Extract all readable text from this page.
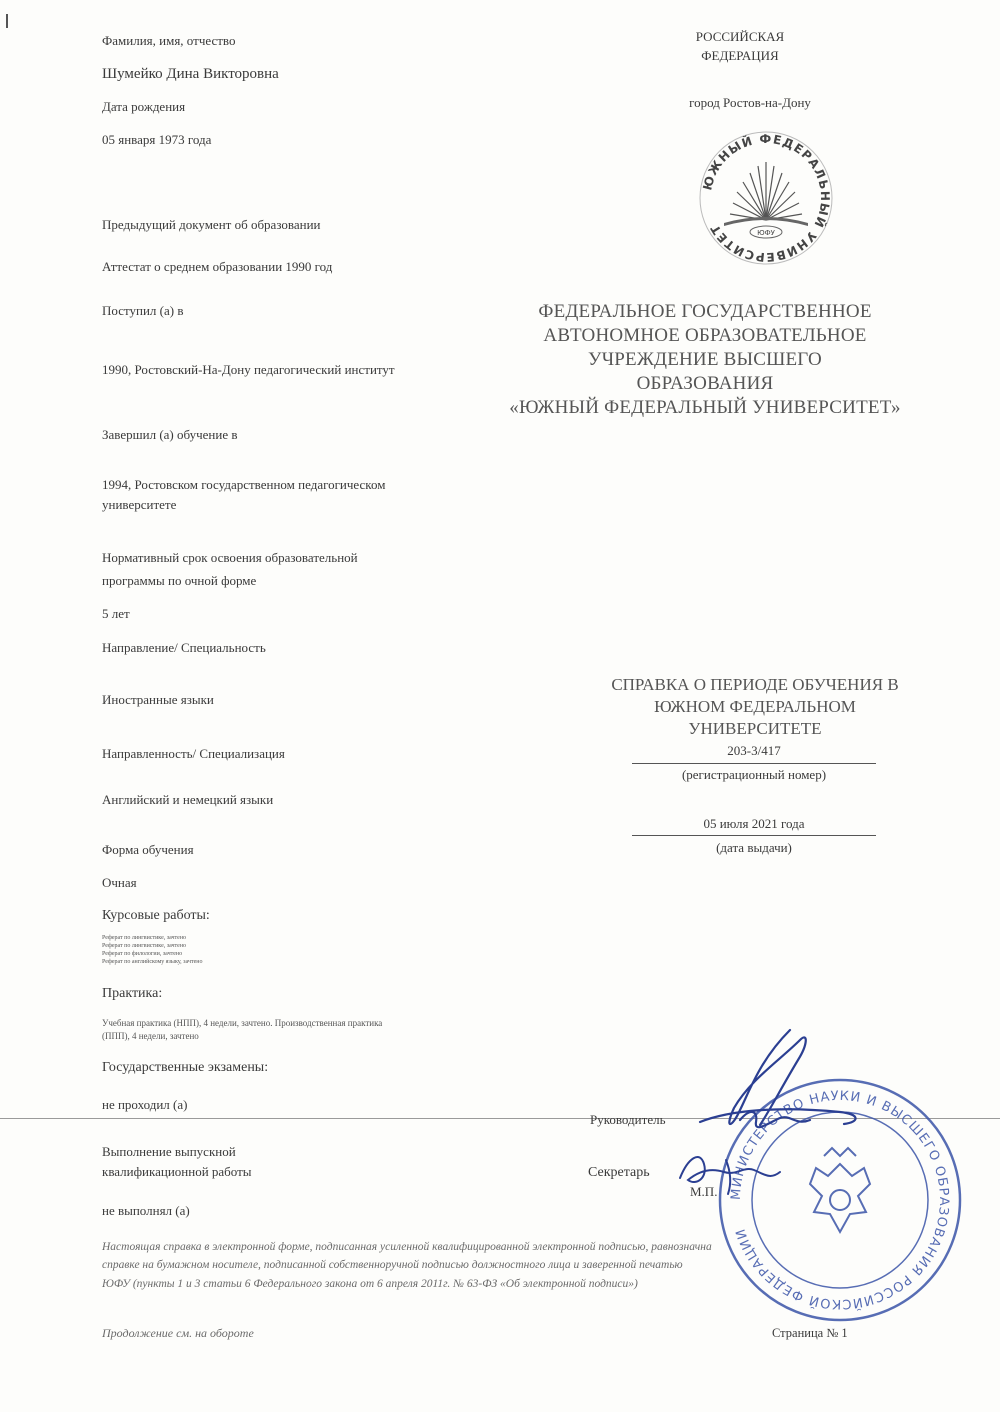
Фамилия, имя, отчество
Шумейко Дина Викторовна
Дата рождения
05 января 1973 года
Предыдущий документ об образовании
Аттестат о среднем образовании 1990 год
Поступил (а) в
1990, Ростовский-На-Дону педагогический институт
Завершил (а) обучение в
1994, Ростовском государственном педагогическом
университете
Нормативный срок освоения образовательной
программы по очной форме
5 лет
Направление/ Специальность
Иностранные языки
Направленность/ Специализация
Английский и немецкий языки
Форма обучения
Очная
Курсовые работы:
Реферат по лингвистике, зачтено
Реферат по лингвистике, зачтено
Реферат по филологии, зачтено
Реферат по английскому языку, зачтено
Практика:
Учебная практика (НПП), 4 недели, зачтено. Производственная практика
(ППП), 4 недели, зачтено
Государственные экзамены:
не проходил (а)
Выполнение выпускной
квалификационной работы
не выполнял (а)
РОССИЙСКАЯ
ФЕДЕРАЦИЯ
город Ростов-на-Дону
ЮЖНЫЙ ФЕДЕРАЛЬНЫЙ УНИВЕРСИТЕТ	ЮФУ
ФЕДЕРАЛЬНОЕ ГОСУДАРСТВЕННОЕ
АВТОНОМНОЕ ОБРАЗОВАТЕЛЬНОЕ
УЧРЕЖДЕНИЕ ВЫСШЕГО
ОБРАЗОВАНИЯ
«ЮЖНЫЙ ФЕДЕРАЛЬНЫЙ УНИВЕРСИТЕТ»
СПРАВКА О ПЕРИОДЕ ОБУЧЕНИЯ В
ЮЖНОМ ФЕДЕРАЛЬНОМ
УНИВЕРСИТЕТЕ
203-3/417
(регистрационный номер)
05 июля 2021 года
(дата выдачи)
Руководитель
Секретарь
М.П. МИНИСТЕРСТВО НАУКИ И ВЫСШЕГО ОБРАЗОВАНИЯ РОССИЙСКОЙ ФЕДЕРАЦИИ
Настоящая справка в электронной форме, подписанная усиленной квалифицированной электронной подписью, равнозначна
справке на бумажном носителе, подписанной собственноручной подписью должностного лица и заверенной печатью
ЮФУ (пункты 1 и 3 статьи 6 Федерального закона от 6 апреля 2011г. № 63-ФЗ «Об электронной подписи»)
Продолжение см. на обороте	Страница № 1
